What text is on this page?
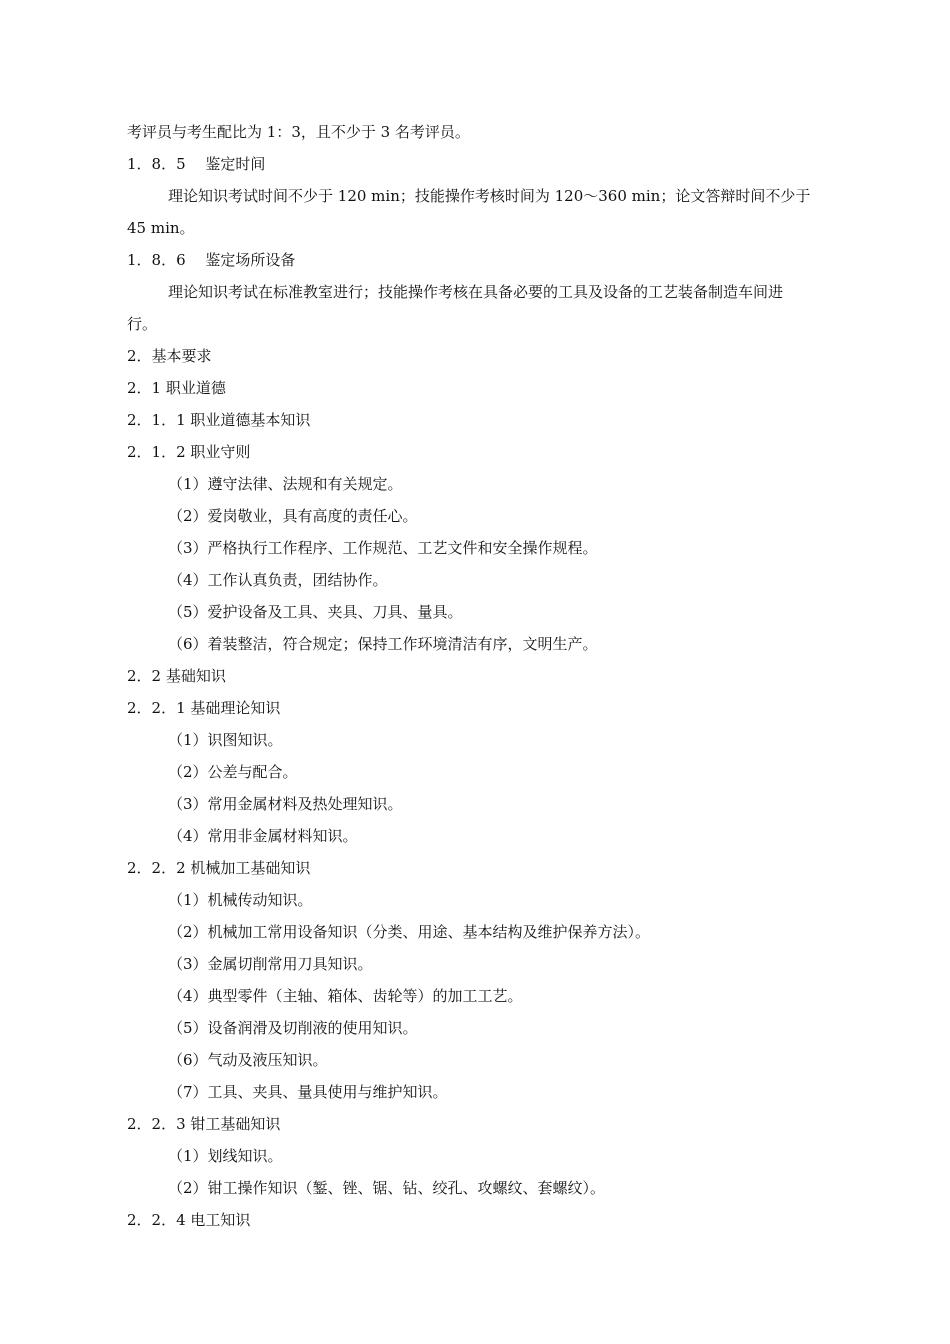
考评员与考生配比为 1：3，且不少于 3 名考评员。
1．8．5　 鉴定时间
理论知识考试时间不少于 120 min；技能操作考核时间为 120～360 min；论文答辩时间不少于
45 min。
1．8．6　 鉴定场所设备
理论知识考试在标准教室进行；技能操作考核在具备必要的工具及设备的工艺装备制造车间进
行。
2．基本要求
2．1 职业道德
2．1．1 职业道德基本知识
2．1．2 职业守则
（1）遵守法律、法规和有关规定。
（2）爱岗敬业，具有高度的责任心。
（3）严格执行工作程序、工作规范、工艺文件和安全操作规程。
（4）工作认真负责，团结协作。
（5）爱护设备及工具、夹具、刀具、量具。
（6）着装整洁，符合规定；保持工作环境清洁有序，文明生产。
2．2 基础知识
2．2．1 基础理论知识
（1）识图知识。
（2）公差与配合。
（3）常用金属材料及热处理知识。
（4）常用非金属材料知识。
2．2．2 机械加工基础知识
（1）机械传动知识。
（2）机械加工常用设备知识（分类、用途、基本结构及维护保养方法）。
（3）金属切削常用刀具知识。
（4）典型零件（主轴、箱体、齿轮等）的加工工艺。
（5）设备润滑及切削液的使用知识。
（6）气动及液压知识。
（7）工具、夹具、量具使用与维护知识。
2．2．3 钳工基础知识
（1）划线知识。
（2）钳工操作知识（錾、锉、锯、钻、绞孔、攻螺纹、套螺纹）。
2．2．4 电工知识
